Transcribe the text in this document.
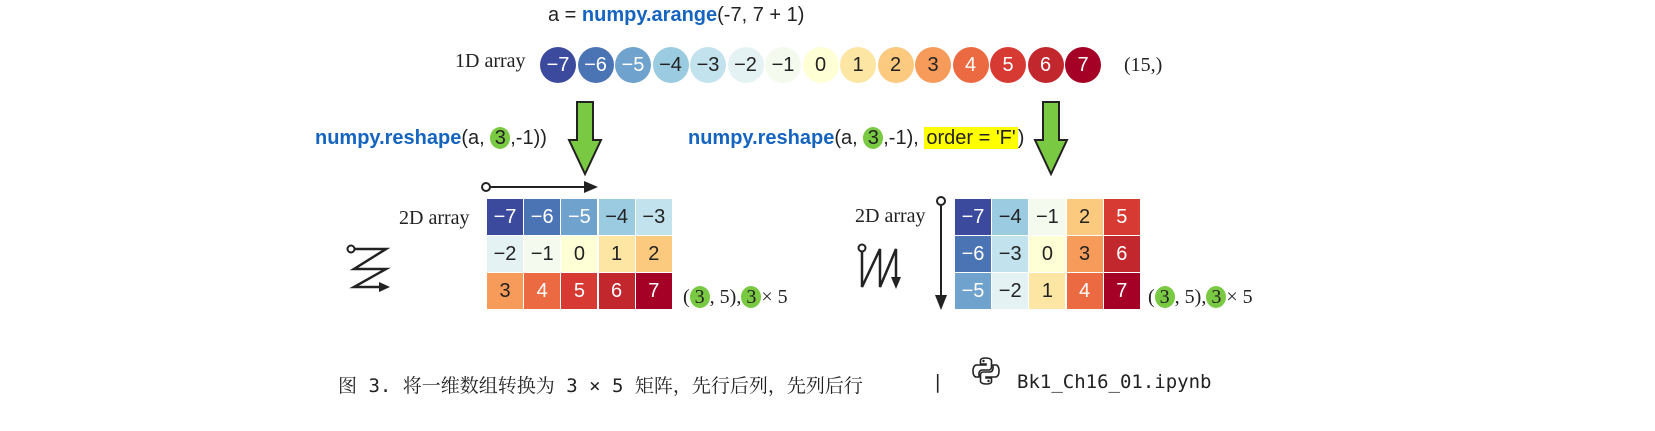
a = numpy.arange(-7, 7 + 1)
1D array	−7 −6 −5 −4 −3 −2 −1	0	1	2	3	4	5	6	7	(15,)
numpy.reshape(a, 3 ,-1))	numpy.reshape(a, 3 ,-1), order = 'F' )
2D array	−7 −6 −5 −4 −3
−2 −1	0	1	2
3	4	5	6	7	( 3 , 5), 3 × 5
2D array	−7 −4 −1	2	5
−6 −3	0	3	6
−5 −2	1	4	7	( 3 , 5), 3 × 5
图 3. 将一维数组转换为 3 × 5 矩阵，先行后列，先列后行	|	Bk1_Ch16_01.ipynb
